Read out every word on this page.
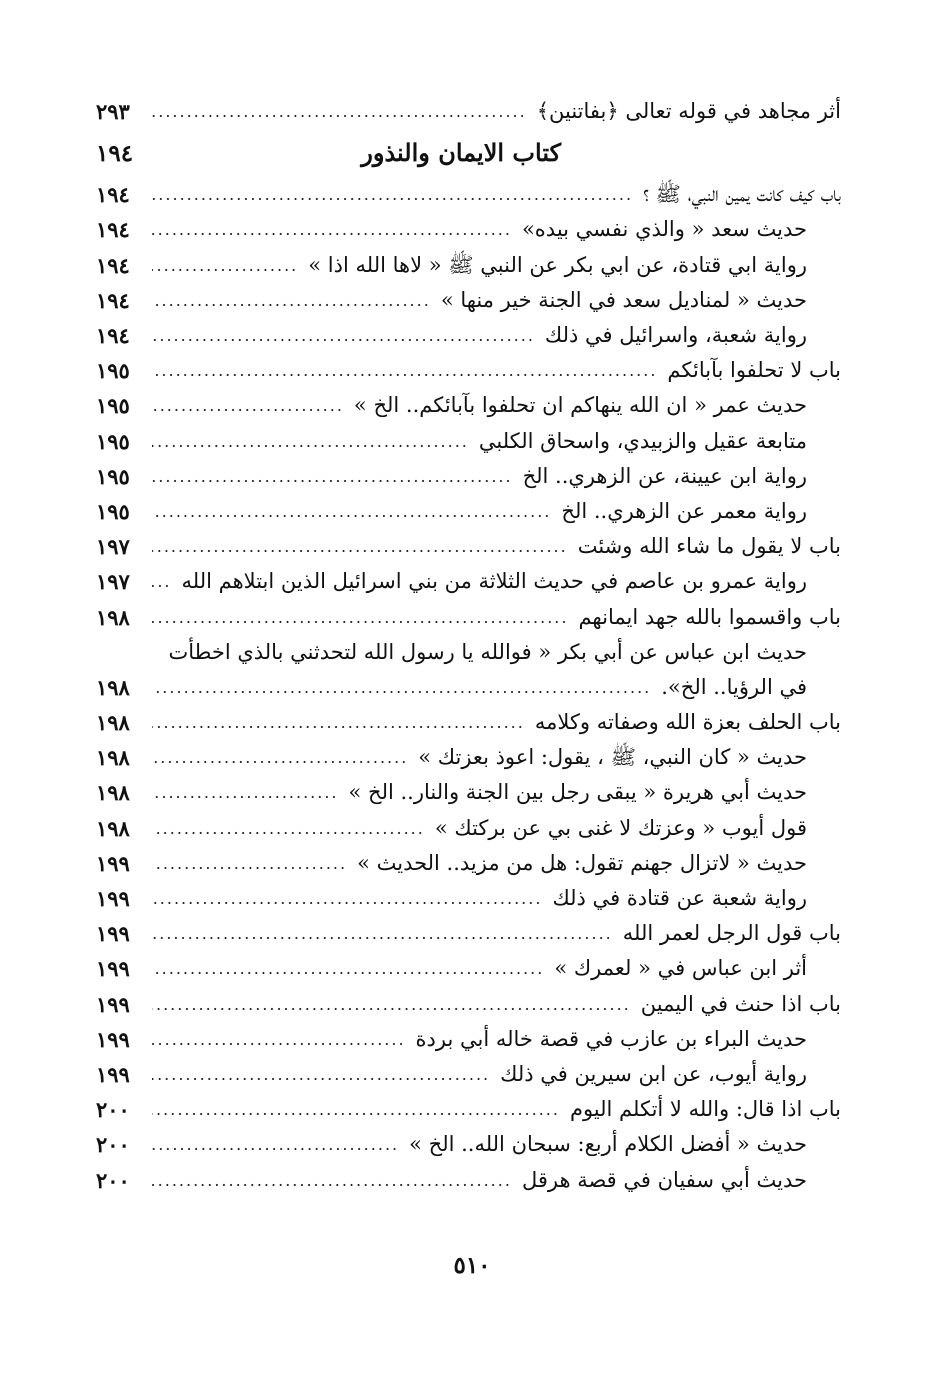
أثر مجاهد في قوله تعالى ﴿بفاتنين﴾
.....
٢٩٣
كتاب الايمان والنذور
١٩٤
باب كيف كانت يمين النبي، ﷺ ؟
.....
١٩٤
حديث سعد « والذي نفسي بيده»
.....
١٩٤
رواية ابي قتادة، عن ابي بكر عن النبي ﷺ « لاها الله اذا »
.....
١٩٤
حديث « لمناديل سعد في الجنة خير منها »
.....
١٩٤
رواية شعبة، واسرائيل في ذلك
.....
١٩٤
باب لا تحلفوا بآبائكم
.....
١٩٥
حديث عمر « ان الله ينهاكم ان تحلفوا بآبائكم.. الخ »
.....
١٩٥
متابعة عقيل والزبيدي، واسحاق الكلبي
.....
١٩٥
رواية ابن عيينة، عن الزهري.. الخ
.....
١٩٥
رواية معمر عن الزهري.. الخ
.....
١٩٥
باب لا يقول ما شاء الله وشئت
.....
١٩٧
رواية عمرو بن عاصم في حديث الثلاثة من بني اسرائيل الذين ابتلاهم الله
.....
١٩٧
باب واقسموا بالله جهد ايمانهم
.....
١٩٨
حديث ابن عباس عن أبي بكر « فوالله يا رسول الله لتحدثني بالذي اخطأت
في الرؤيا.. الخ».
.....
١٩٨
باب الحلف بعزة الله وصفاته وكلامه
.....
١٩٨
حديث « كان النبي، ﷺ ، يقول: اعوذ بعزتك »
.....
١٩٨
حديث أبي هريرة « يبقى رجل بين الجنة والنار.. الخ »
.....
١٩٨
قول أيوب « وعزتك لا غنى بي عن بركتك »
.....
١٩٨
حديث « لاتزال جهنم تقول: هل من مزيد.. الحديث »
.....
١٩٩
رواية شعبة عن قتادة في ذلك
.....
١٩٩
باب قول الرجل لعمر الله
.....
١٩٩
أثر ابن عباس في « لعمرك »
.....
١٩٩
باب اذا حنث في اليمين
.....
١٩٩
حديث البراء بن عازب في قصة خاله أبي بردة
.....
١٩٩
رواية أيوب، عن ابن سيرين في ذلك
.....
١٩٩
باب اذا قال: والله لا أتكلم اليوم
.....
٢٠٠
حديث « أفضل الكلام أربع: سبحان الله.. الخ »
.....
٢٠٠
حديث أبي سفيان في قصة هرقل
.....
٢٠٠
٥١٠
